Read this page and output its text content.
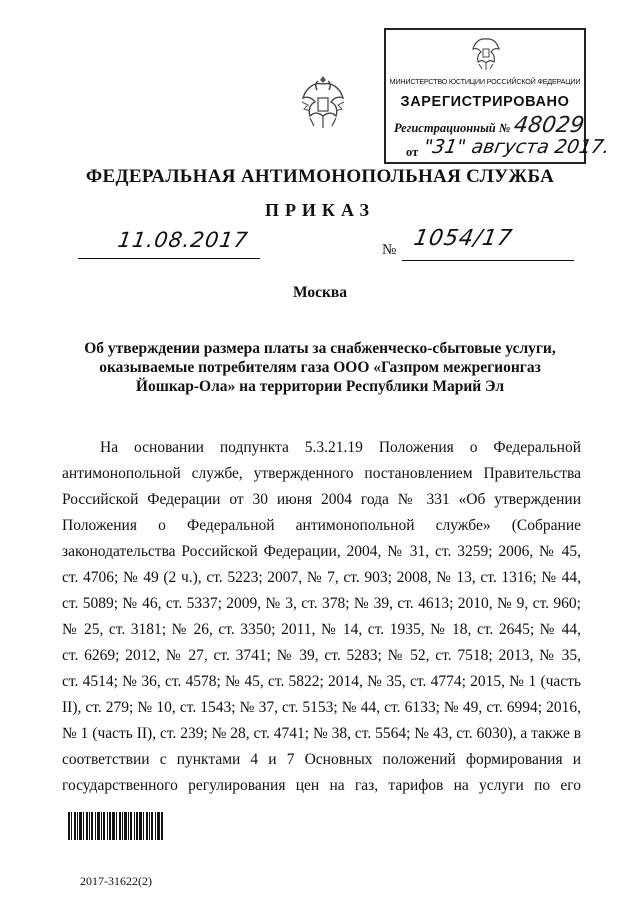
МИНИСТЕРСТВО ЮСТИЦИИ РОССИЙСКОЙ ФЕДЕРАЦИИ
ЗАРЕГИСТРИРОВАНО
Регистрационный № 48029
от "31" августа 2017.
ФЕДЕРАЛЬНАЯ АНТИМОНОПОЛЬНАЯ СЛУЖБА
ПРИКАЗ
11.08.2017	№ 1054/17
Москва
Об утверждении размера платы за снабженческо-сбытовые услуги,
оказываемые потребителям газа ООО «Газпром межрегионгаз
Йошкар-Ола» на территории Республики Марий Эл
На основании подпункта 5.3.21.19 Положения о Федеральной
антимонопольной службе, утвержденного постановлением Правительства
Российской Федерации от 30 июня 2004 года № 331 «Об утверждении
Положения о Федеральной антимонопольной службе» (Собрание
законодательства Российской Федерации, 2004, № 31, ст. 3259; 2006, № 45,
ст. 4706; № 49 (2 ч.), ст. 5223; 2007, № 7, ст. 903; 2008, № 13, ст. 1316; № 44,
ст. 5089; № 46, ст. 5337; 2009, № 3, ст. 378; № 39, ст. 4613; 2010, № 9, ст. 960;
№ 25, ст. 3181; № 26, ст. 3350; 2011, № 14, ст. 1935, № 18, ст. 2645; № 44,
ст. 6269; 2012, № 27, ст. 3741; № 39, ст. 5283; № 52, ст. 7518; 2013, № 35,
ст. 4514; № 36, ст. 4578; № 45, ст. 5822; 2014, № 35, ст. 4774; 2015, № 1 (часть
II), ст. 279; № 10, ст. 1543; № 37, ст. 5153; № 44, ст. 6133; № 49, ст. 6994; 2016,
№ 1 (часть II), ст. 239; № 28, ст. 4741; № 38, ст. 5564; № 43, ст. 6030), а также в
соответствии с пунктами 4 и 7 Основных положений формирования и
государственного регулирования цен на газ, тарифов на услуги по его
2017-31622(2)
